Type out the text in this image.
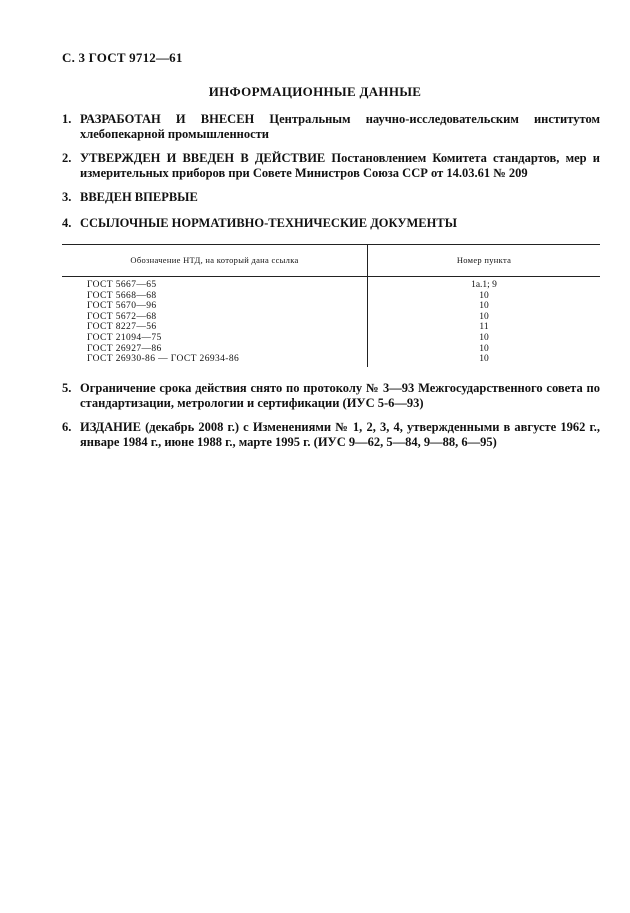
С. 3 ГОСТ 9712—61
ИНФОРМАЦИОННЫЕ ДАННЫЕ
1. РАЗРАБОТАН И ВНЕСЕН Центральным научно-исследовательским институтом хлебопекарной промышленности
2. УТВЕРЖДЕН И ВВЕДЕН В ДЕЙСТВИЕ Постановлением Комитета стандартов, мер и измерительных приборов при Совете Министров Союза ССР от 14.03.61 № 209
3. ВВЕДЕН ВПЕРВЫЕ
4. ССЫЛОЧНЫЕ НОРМАТИВНО-ТЕХНИЧЕСКИЕ ДОКУМЕНТЫ
Обозначение НТД, на который дана ссылка	Номер пункта
ГОСТ 5667—65	1а.1; 9
ГОСТ 5668—68	10
ГОСТ 5670—96	10
ГОСТ 5672—68	10
ГОСТ 8227—56	11
ГОСТ 21094—75	10
ГОСТ 26927—86	10
ГОСТ 26930-86 — ГОСТ 26934-86	10
5. Ограничение срока действия снято по протоколу № 3—93 Межгосударственного совета по стандартизации, метрологии и сертификации (ИУС 5-6—93)
6. ИЗДАНИЕ (декабрь 2008 г.) с Изменениями № 1, 2, 3, 4, утвержденными в августе 1962 г., январе 1984 г., июне 1988 г., марте 1995 г. (ИУС 9—62, 5—84, 9—88, 6—95)
